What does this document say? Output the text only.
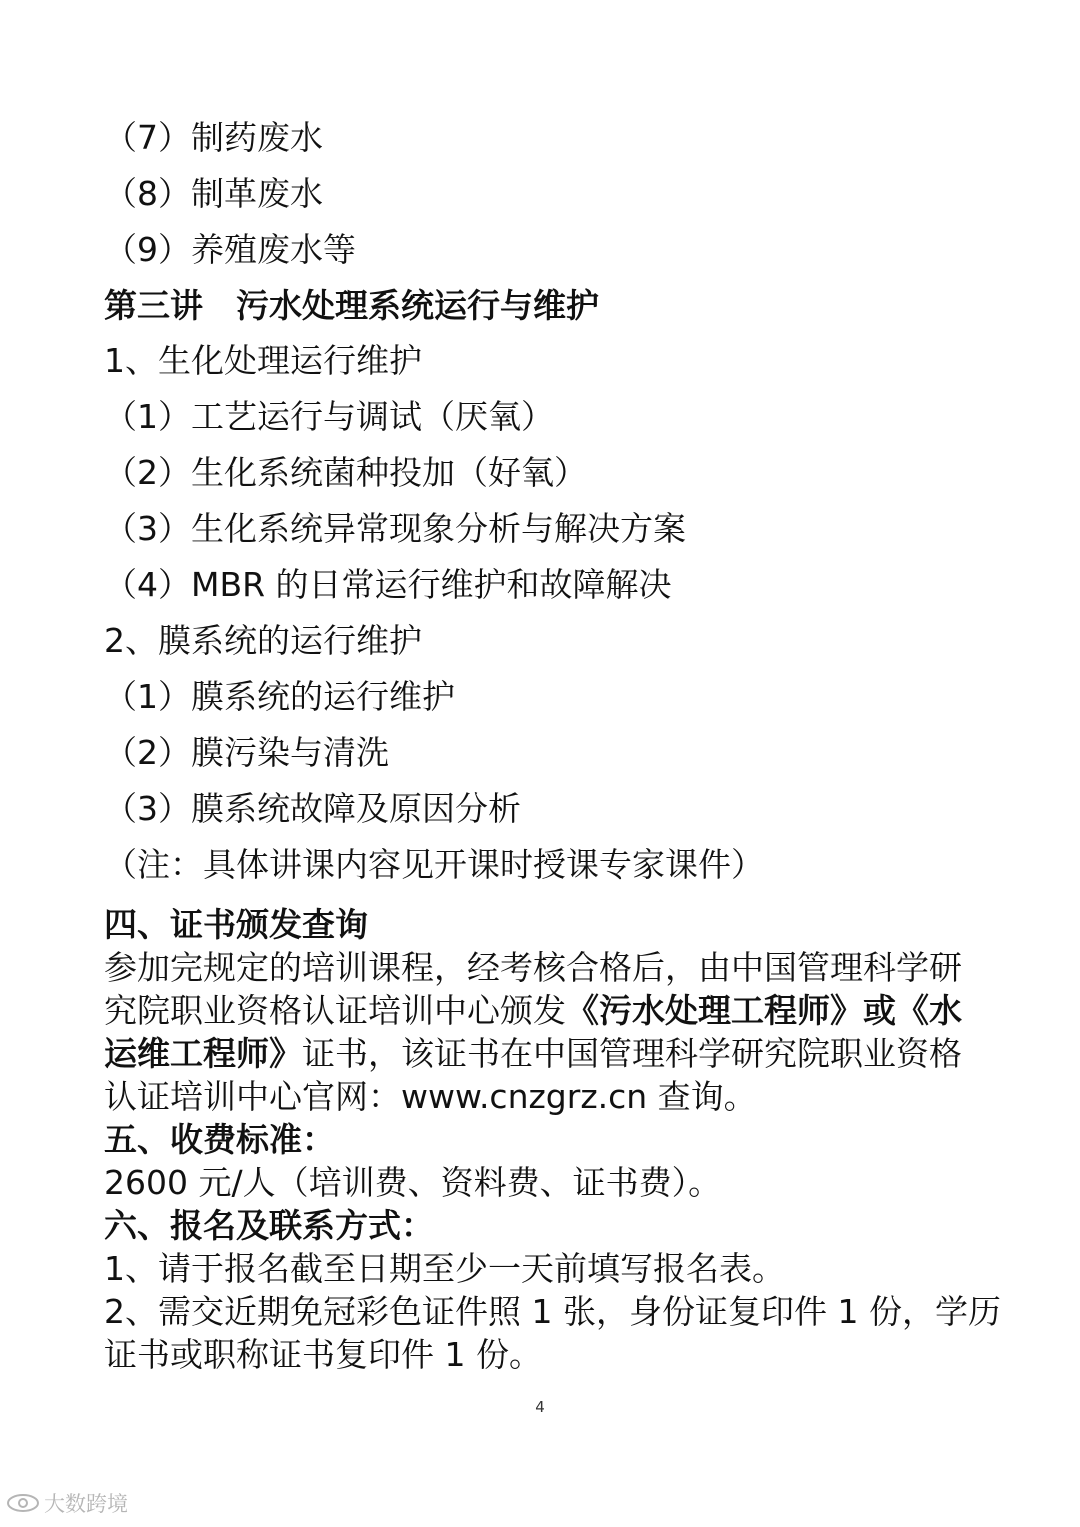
（7）制药废水
（8）制革废水
（9）养殖废水等
第三讲　污水处理系统运行与维护
1、生化处理运行维护
（1）工艺运行与调试（厌氧）
（2）生化系统菌种投加（好氧）
（3）生化系统异常现象分析与解决方案
（4）MBR 的日常运行维护和故障解决
2、膜系统的运行维护
（1）膜系统的运行维护
（2）膜污染与清洗
（3）膜系统故障及原因分析
（注：具体讲课内容见开课时授课专家课件）
四、证书颁发查询
参加完规定的培训课程，经考核合格后，由中国管理科学研
究院职业资格认证培训中心颁发《污水处理工程师》或《水
运维工程师》证书，该证书在中国管理科学研究院职业资格
认证培训中心官网：www.cnzgrz.cn 查询。
五、收费标准：
2600 元/人（培训费、资料费、证书费）。
六、报名及联系方式：
1、请于报名截至日期至少一天前填写报名表。
2、需交近期免冠彩色证件照 1 张，身份证复印件 1 份，学历
证书或职称证书复印件 1 份。
4
大数跨境
